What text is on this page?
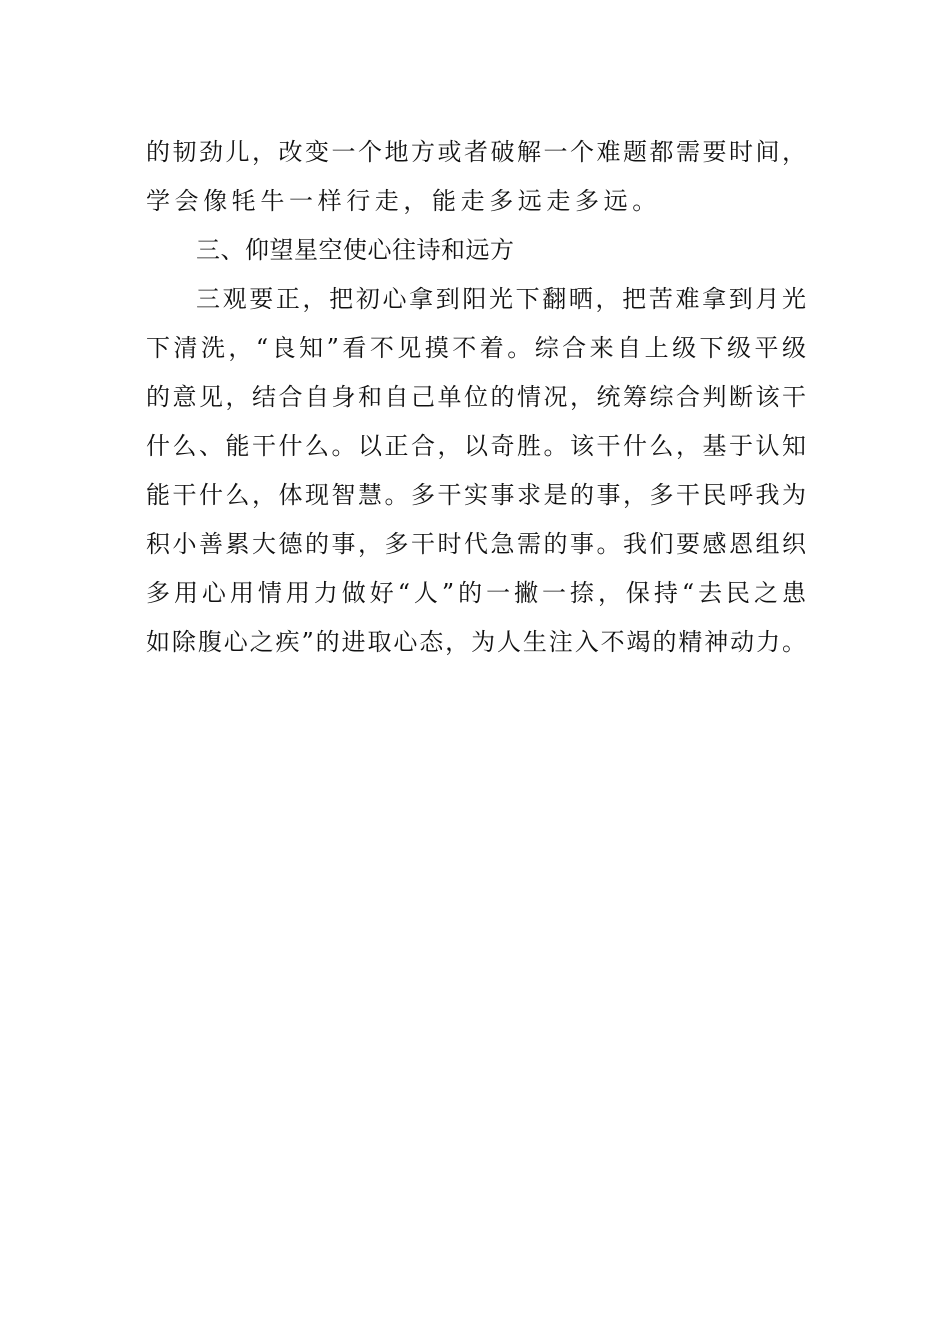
的韧劲儿，改变一个地方或者破解一个难题都需要时间，
学会像牦牛一样行走，能走多远走多远。
三、仰望星空使心往诗和远方
三观要正，把初心拿到阳光下翻晒，把苦难拿到月光
下清洗，“良知”看不见摸不着。综合来自上级下级平级
的意见，结合自身和自己单位的情况，统筹综合判断该干
什么、能干什么。以正合，以奇胜。该干什么，基于认知
能干什么，体现智慧。多干实事求是的事，多干民呼我为
积小善累大德的事，多干时代急需的事。我们要感恩组织
多用心用情用力做好“人”的一撇一捺，保持“去民之患
如除腹心之疾”的进取心态，为人生注入不竭的精神动力。
